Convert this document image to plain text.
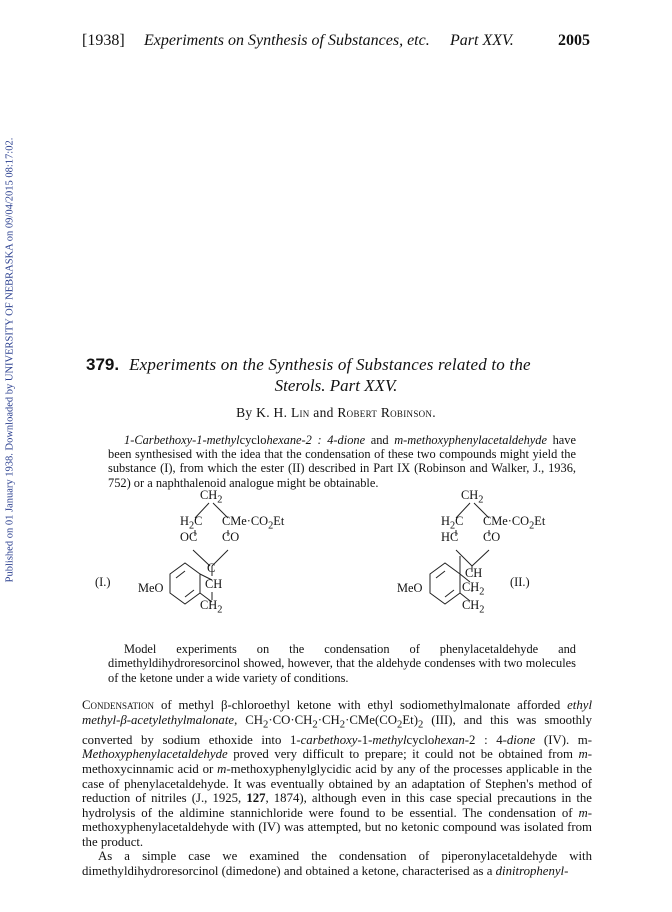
Published on 01 January 1938. Downloaded by UNIVERSITY OF NEBRASKA on 09/04/2015 08:17:02.
[1938] Experiments on Synthesis of Substances, etc. Part XXV.	2005
379. Experiments on the Synthesis of Substances related to the
Sterols. Part XXV.
By K. H. Lin and Robert Robinson.

1-Carbethoxy-1-methylcyclohexane-2 : 4-dione and m-methoxyphenylacetaldehyde have been synthesised with the idea that the condensation of these two compounds might yield the substance (I), from which the ester (II) described in Part IX (Robinson and Walker, J., 1936, 752) or a naphthalenoid analogue might be obtainable.

$CH_2$
$H_2C$ $CMe\cdot CO_2Et$
OC CO
C
CH
(I.) MeO
$CH_2$
$CH_2$
$H_2C$ $CMe\cdot CO_2Et$
HC CO
CH
$CH_2$
(II.)
MeO
$CH_2$

Model experiments on the condensation of phenylacetaldehyde and dimethyldihydroresorcinol showed, however, that the aldehyde condenses with two molecules of the ketone under a wide variety of conditions.

Condensation of methyl β-chloroethyl ketone with ethyl sodiomethylmalonate afforded ethyl methyl-β-acetylethylmalonate, $CH_2\cdot CO\cdot CH_2\cdot CH_2\cdot CMe(CO_2Et)_2$ (III), and this was smoothly converted by sodium ethoxide into 1-carbethoxy-1-methylcyclohexan-2 : 4-dione (IV). m-Methoxyphenylacetaldehyde proved very difficult to prepare; it could not be obtained from m-methoxycinnamic acid or m-methoxyphenylglycidic acid by any of the processes applicable in the case of phenylacetaldehyde. It was eventually obtained by an adaptation of Stephen's method of reduction of nitriles (J., 1925, 127, 1874), although even in this case special precautions in the hydrolysis of the aldimine stannichloride were found to be essential. The condensation of m-methoxyphenylacetaldehyde with (IV) was attempted, but no ketonic compound was isolated from the product.

As a simple case we examined the condensation of piperonylacetaldehyde with dimethyldihydroresorcinol (dimedone) and obtained a ketone, characterised as a dinitrophenyl-
